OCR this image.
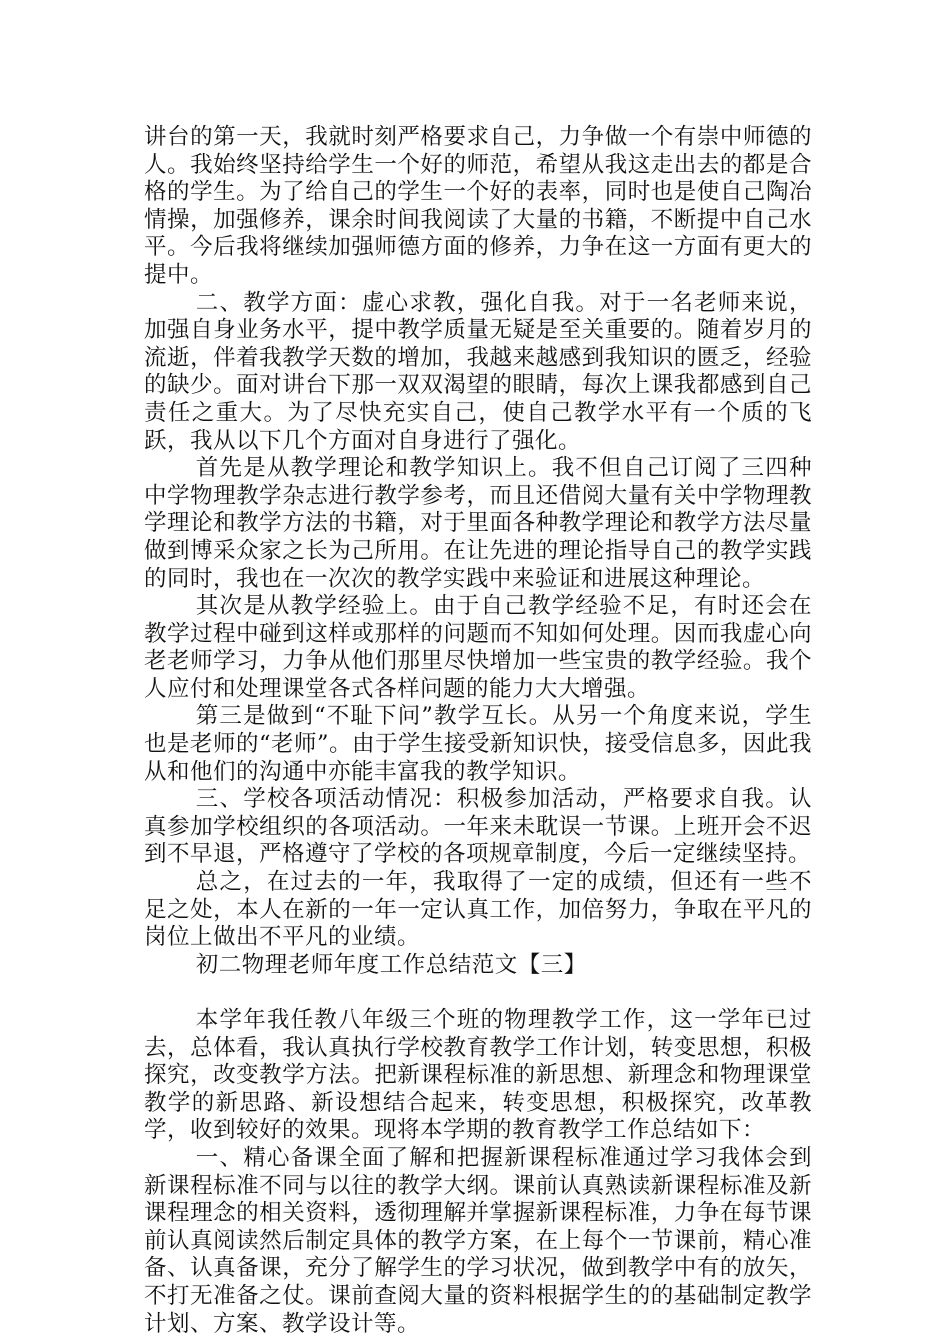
讲台的第一天，我就时刻严格要求自己，力争做一个有崇中师德的人。我始终坚持给学生一个好的师范，希望从我这走出去的都是合格的学生。为了给自己的学生一个好的表率，同时也是使自己陶冶情操，加强修养，课余时间我阅读了大量的书籍，不断提中自己水平。今后我将继续加强师德方面的修养，力争在这一方面有更大的提中。

二、教学方面：虚心求教，强化自我。对于一名老师来说，加强自身业务水平，提中教学质量无疑是至关重要的。随着岁月的流逝，伴着我教学天数的增加，我越来越感到我知识的匮乏，经验的缺少。面对讲台下那一双双渴望的眼睛，每次上课我都感到自己责任之重大。为了尽快充实自己，使自己教学水平有一个质的飞跃，我从以下几个方面对自身进行了强化。

首先是从教学理论和教学知识上。我不但自己订阅了三四种中学物理教学杂志进行教学参考，而且还借阅大量有关中学物理教学理论和教学方法的书籍，对于里面各种教学理论和教学方法尽量做到博采众家之长为己所用。在让先进的理论指导自己的教学实践的同时，我也在一次次的教学实践中来验证和进展这种理论。

其次是从教学经验上。由于自己教学经验不足，有时还会在教学过程中碰到这样或那样的问题而不知如何处理。因而我虚心向老老师学习，力争从他们那里尽快增加一些宝贵的教学经验。我个人应付和处理课堂各式各样问题的能力大大增强。

第三是做到“不耻下问”教学互长。从另一个角度来说，学生也是老师的“老师”。由于学生接受新知识快，接受信息多，因此我从和他们的沟通中亦能丰富我的教学知识。

三、学校各项活动情况：积极参加活动，严格要求自我。认真参加学校组织的各项活动。一年来未耽误一节课。上班开会不迟到不早退，严格遵守了学校的各项规章制度，今后一定继续坚持。

总之，在过去的一年，我取得了一定的成绩，但还有一些不足之处，本人在新的一年一定认真工作，加倍努力，争取在平凡的岗位上做出不平凡的业绩。

初二物理老师年度工作总结范文【三】

本学年我任教八年级三个班的物理教学工作，这一学年已过去，总体看，我认真执行学校教育教学工作计划，转变思想，积极探究，改变教学方法。把新课程标准的新思想、新理念和物理课堂教学的新思路、新设想结合起来，转变思想，积极探究，改革教学，收到较好的效果。现将本学期的教育教学工作总结如下：

一、精心备课全面了解和把握新课程标准通过学习我体会到新课程标准不同与以往的教学大纲。课前认真熟读新课程标准及新课程理念的相关资料，透彻理解并掌握新课程标准，力争在每节课前认真阅读然后制定具体的教学方案，在上每个一节课前，精心准备、认真备课，充分了解学生的学习状况，做到教学中有的放矢，不打无准备之仗。课前查阅大量的资料根据学生的的基础制定教学计划、方案、教学设计等。
